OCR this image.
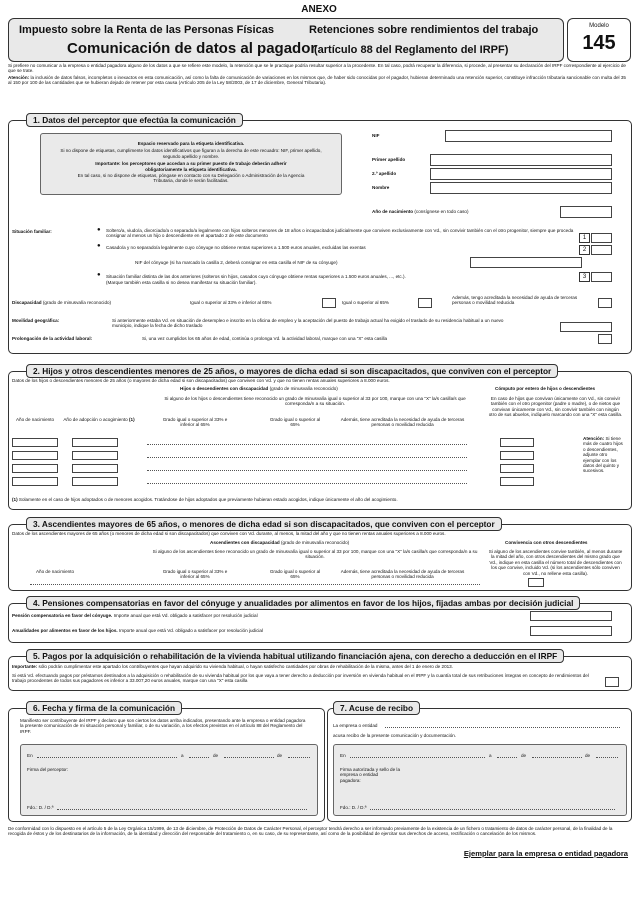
ANEXO
Impuesto sobre la Renta de las Personas Físicas	Retenciones sobre rendimientos del trabajo
Comunicación de datos al pagador
(artículo 88 del Reglamento del IRPF)
Modelo
145
Si prefiere no comunicar a la empresa o entidad pagadora alguno de los datos a que se refiere este modelo, la retención que se le practique podría resultar superior a la procedente. En tal caso, podrá recuperar la diferencia, si procede, al presentar su declaración del IRPF correspondiente al ejercicio de que se trate.
Atención: la inclusión de datos falsos, incompletos o inexactos en esta comunicación, así como la falta de comunicación de variaciones en los mismos que, de haber sido conocidas por el pagador, hubieran determinado una retención superior, constituye infracción tributaria sancionable con multa del 35 al 150 por 100 de las cantidades que se hubieran dejado de retener por esta causa (Artículo 205 de la Ley 58/2003, de 17 de diciembre, General Tributaria).
1. Datos del perceptor que efectúa la comunicación
Espacio reservado para la etiqueta identificativa.
Si no dispone de etiquetas, cumplimente los datos identificativos que figuran a la derecha de este recuadro: NIF, primer apellido, segundo apellido y nombre.
Importante: los perceptores que accedan a su primer puesto de trabajo deberán adherir obligatoriamente la etiqueta identificativa.
En tal caso, si no dispone de etiquetas, póngase en contacto con su Delegación o Administración de la Agencia Tributaria, donde le serán facilitadas.
NIF
Primer apellido
2.º apellido
Nombre
Año de nacimiento (consígnese en todo caso)
Situación familiar:	● Soltero/a, viudo/a, divorciado/a o separado/a legalmente con hijos solteros menores de 18 años o incapacitados judicialmente que conviven exclusivamente con Vd., sin convivir también con el otro progenitor, siempre que proceda consignar al menos un hijo o descendiente en el apartado 2 de este documento	1
● Casado/a y no separado/a legalmente cuyo cónyuge no obtiene rentas superiores a 1.500 euros anuales, excluidas las exentas	2
NIF del cónyuge (si ha marcado la casilla 2, deberá consignar en esta casilla el NIF de su cónyuge)
● Situación familiar distinta de las dos anteriores (solteros sin hijos, casados cuyo cónyuge obtiene rentas superiores a 1.500 euros anuales, ..., etc.).
(Marque también esta casilla si no desea manifestar su situación familiar).
3
Discapacidad (grado de minusvalía reconocido)	Igual o superior al 33% e inferior al 65%	Igual o superior al 65%
Además, tengo acreditada la necesidad de ayuda de terceras personas o movilidad reducida
Movilidad geográfica:	Si anteriormente estaba Vd. en situación de desempleo e inscrito en la oficina de empleo y la aceptación del puesto de trabajo actual ha exigido el traslado de su residencia habitual a un nuevo municipio, indique la fecha de dicho traslado
Prolongación de la actividad laboral:	Si, una vez cumplidos los 65 años de edad, continúa o prolonga Vd. la actividad laboral, marque con una "X" esta casilla
2. Hijos y otros descendientes menores de 25 años, o mayores de dicha edad si son discapacitados, que conviven con el perceptor
Datos de los hijos o descendientes menores de 25 años (o mayores de dicha edad si son discapacitados) que conviven con Vd. y que no tienen rentas anuales superiores a 8.000 euros.
Hijos o descendientes con discapacidad (grado de minusvalía reconocido)	Cómputo por entero de hijos o descendientes
Si alguno de los hijos o descendientes tiene reconocido un grado de minusvalía igual o superior al 33 por 100, marque con una "X" la/s casilla/s que corresponda/n a su situación.
En caso de hijos que convivan únicamente con Vd., sin convivir también con el otro progenitor (padre o madre), o de nietos que convivan únicamente con Vd., sin convivir también con ningún otro de sus abuelos, indíquelo marcando con una "X" esta casilla.
Año de nacimiento	Año de adopción o acogimiento (1)	Grado igual o superior al 33% e inferior al 65%
Grado igual o superior al 65%
Además, tiene acreditada la necesidad de ayuda de terceras personas o movilidad reducida
Atención: Si tiene más de cuatro hijos o descendientes, adjunte otro ejemplar con los datos del quinto y sucesivos.
(1) Solamente en el caso de hijos adoptados o de menores acogidos. Tratándose de hijos adoptados que previamente hubieran estado acogidos, indique únicamente el año del acogimiento.
3. Ascendientes mayores de 65 años, o menores de dicha edad si son discapacitados, que conviven con el perceptor
Datos de los ascendientes mayores de 65 años (o menores de dicha edad si son discapacitados) que conviven con Vd. durante, al menos, la mitad del año y que no tienen rentas anuales superiores a 8.000 euros.
Ascendientes con discapacidad (grado de minusvalía reconocido)	Convivencia con otros descendientes
Si alguno de los ascendientes tiene reconocido un grado de minusvalía igual o superior al 33 por 100, marque con una "X" la/s casilla/s que corresponda/n a su situación.
Si alguno de los ascendientes convive también, al menos durante la mitad del año, con otros descendientes del mismo grado que Vd., indique en esta casilla el número total de descendientes con los que convive, incluido Vd. (si los ascendientes sólo conviven con Vd., no rellene esta casilla).
Año de nacimiento	Grado igual o superior al 33% e inferior al 65%
Grado igual o superior al 65%
Además, tiene acreditada la necesidad de ayuda de terceras personas o movilidad reducida
4. Pensiones compensatorias en favor del cónyuge y anualidades por alimentos en favor de los hijos, fijadas ambas por decisión judicial
Pensión compensatoria en favor del cónyuge. Importe anual que está Vd. obligado a satisfacer por resolución judicial
Anualidades por alimentos en favor de los hijos. Importe anual que está Vd. obligado a satisfacer por resolución judicial
5. Pagos por la adquisición o rehabilitación de la vivienda habitual utilizando financiación ajena, con derecho a deducción en el IRPF
Importante: sólo podrán cumplimentar este apartado los contribuyentes que hayan adquirido su vivienda habitual, o hayan satisfecho cantidades por obras de rehabilitación de la misma, antes del 1 de enero de 2013.
Si está Vd. efectuando pagos por préstamos destinados a la adquisición o rehabilitación de su vivienda habitual por los que vaya a tener derecho a deducción por inversión en vivienda habitual en el IRPF y la cuantía total de sus retribuciones íntegras en concepto de rendimientos del trabajo procedentes de todos sus pagadores es inferior a 33.007,20 euros anuales, marque con una "X" esta casilla
6. Fecha y firma de la comunicación
Manifiesto ser contribuyente del IRPF y declaro que son ciertos los datos arriba indicados, presentando ante la empresa o entidad pagadora la presente comunicación de mi situación personal y familiar, o de su variación, a los efectos previstos en el artículo 88 del Reglamento del IRPF.
En	a	de	de
Firma del perceptor:
Fdo.: D. / D.ª
7. Acuse de recibo
La empresa o entidad
acusa recibo de la presente comunicación y documentación.
En	a	de	de
Firma autorizada y sello de la empresa o entidad pagadora:
Fdo.: D. / D.ª
De conformidad con lo dispuesto en el artículo 5 de la Ley Orgánica 15/1999, de 13 de diciembre, de Protección de Datos de Carácter Personal, el perceptor tendrá derecho a ser informado previamente de la existencia de un fichero o tratamiento de datos de carácter personal, de la finalidad de la recogida de éstos y de los destinatarios de la información, de la identidad y dirección del responsable del tratamiento o, en su caso, de su representante, así como de la posibilidad de ejercitar sus derechos de acceso, rectificación o cancelación de los mismos.
Ejemplar para la empresa o entidad pagadora
